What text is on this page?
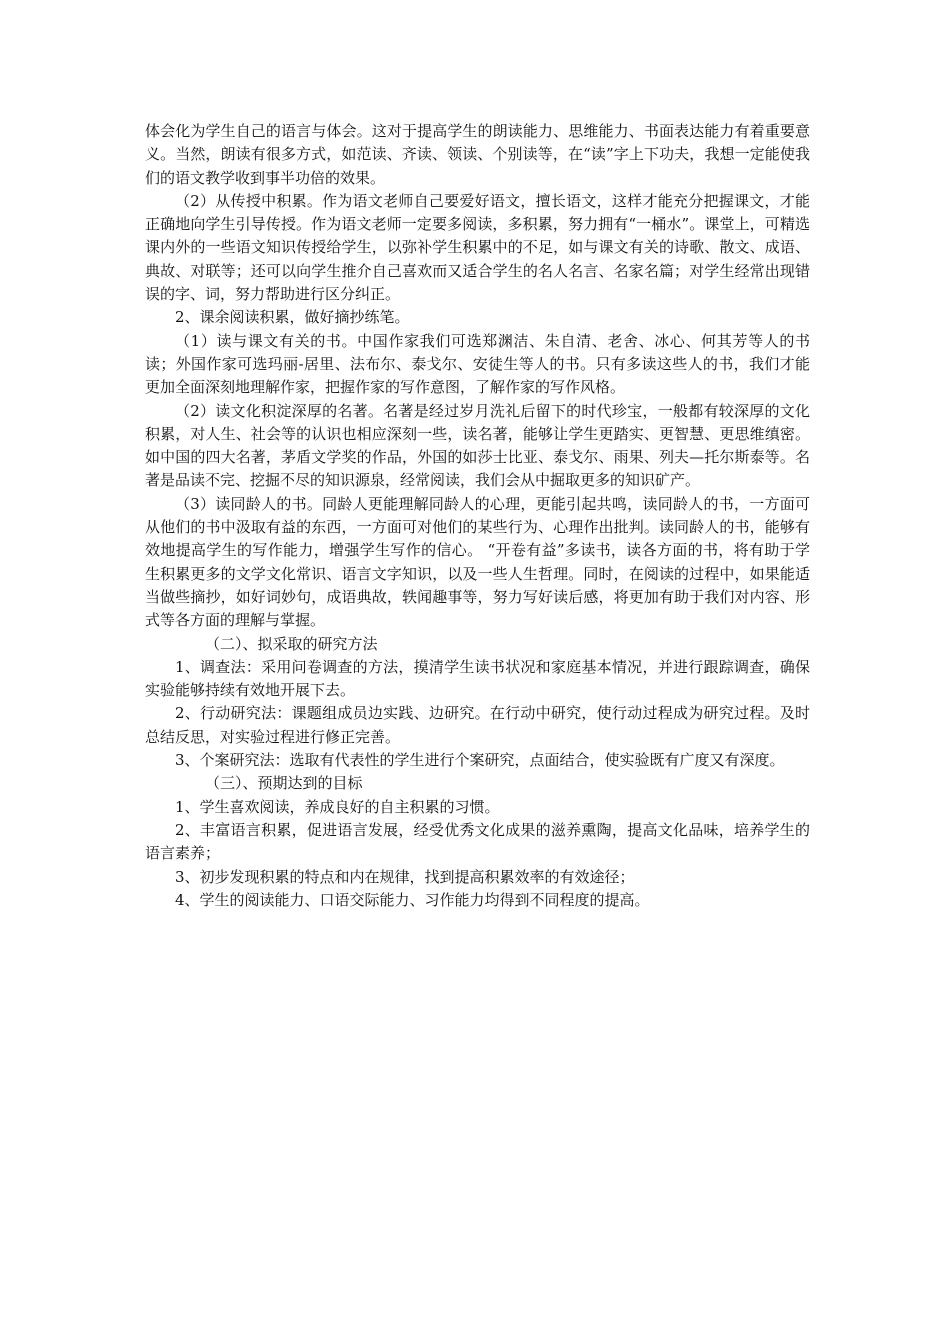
体会化为学生自己的语言与体会。这对于提高学生的朗读能力、思维能力、书面表达能力有着重要意义。当然，朗读有很多方式，如范读、齐读、领读、个别读等，在“读”字上下功夫，我想一定能使我们的语文教学收到事半功倍的效果。

（2）从传授中积累。作为语文老师自己要爱好语文，擅长语文，这样才能充分把握课文，才能正确地向学生引导传授。作为语文老师一定要多阅读，多积累，努力拥有“一桶水”。课堂上，可精选课内外的一些语文知识传授给学生，以弥补学生积累中的不足，如与课文有关的诗歌、散文、成语、典故、对联等；还可以向学生推介自己喜欢而又适合学生的名人名言、名家名篇；对学生经常出现错误的字、词，努力帮助进行区分纠正。

2、课余阅读积累，做好摘抄练笔。

（1）读与课文有关的书。中国作家我们可选郑渊洁、朱自清、老舍、冰心、何其芳等人的书读；外国作家可选玛丽-居里、法布尔、泰戈尔、安徒生等人的书。只有多读这些人的书，我们才能更加全面深刻地理解作家，把握作家的写作意图，了解作家的写作风格。

（2）读文化积淀深厚的名著。名著是经过岁月洗礼后留下的时代珍宝，一般都有较深厚的文化积累，对人生、社会等的认识也相应深刻一些，读名著，能够让学生更踏实、更智慧、更思维缜密。如中国的四大名著，茅盾文学奖的作品，外国的如莎士比亚、泰戈尔、雨果、列夫—托尔斯泰等。名著是品读不完、挖掘不尽的知识源泉，经常阅读，我们会从中掘取更多的知识矿产。

（3）读同龄人的书。同龄人更能理解同龄人的心理，更能引起共鸣，读同龄人的书，一方面可从他们的书中汲取有益的东西，一方面可对他们的某些行为、心理作出批判。读同龄人的书，能够有效地提高学生的写作能力，增强学生写作的信心。 “开卷有益”多读书，读各方面的书，将有助于学生积累更多的文学文化常识、语言文字知识，以及一些人生哲理。同时，在阅读的过程中，如果能适当做些摘抄，如好词妙句，成语典故，轶闻趣事等，努力写好读后感，将更加有助于我们对内容、形式等各方面的理解与掌握。

（二）、拟采取的研究方法

1、调查法：采用问卷调查的方法，摸清学生读书状况和家庭基本情况，并进行跟踪调查，确保实验能够持续有效地开展下去。

2、行动研究法：课题组成员边实践、边研究。在行动中研究，使行动过程成为研究过程。及时总结反思，对实验过程进行修正完善。

3、个案研究法：选取有代表性的学生进行个案研究，点面结合，使实验既有广度又有深度。

（三）、预期达到的目标

1、学生喜欢阅读，养成良好的自主积累的习惯。

2、丰富语言积累，促进语言发展，经受优秀文化成果的滋养熏陶，提高文化品味，培养学生的语言素养；

3、初步发现积累的特点和内在规律，找到提高积累效率的有效途径；

4、学生的阅读能力、口语交际能力、习作能力均得到不同程度的提高。
